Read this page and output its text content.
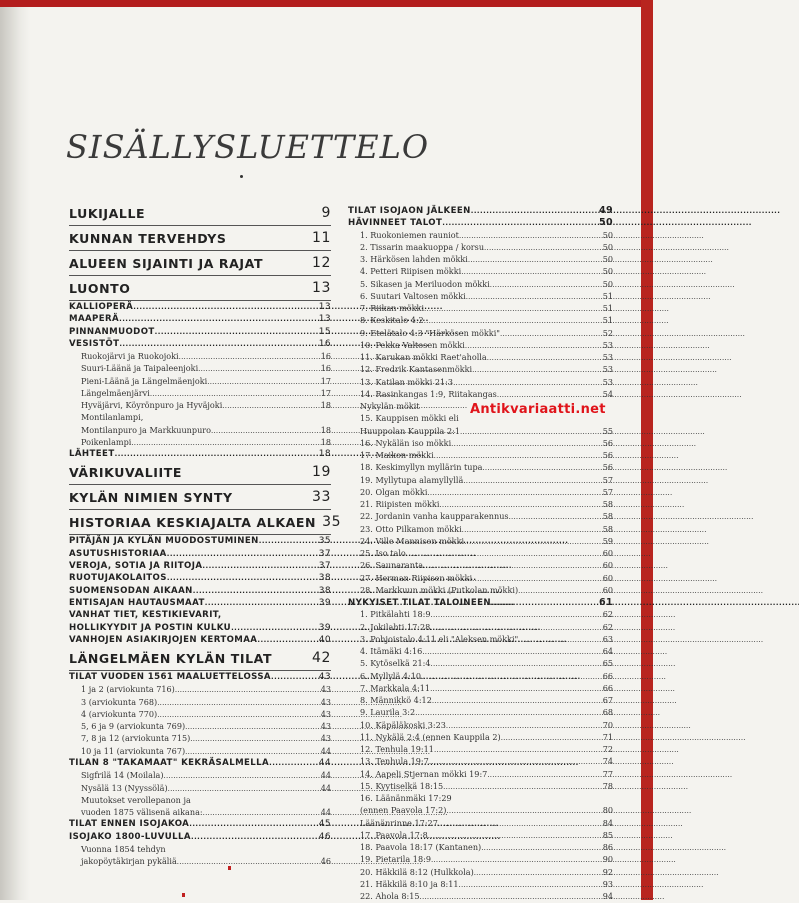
SISÄLLYSLUETTELO
LUKIJALLE	9
KUNNAN TERVEHDYS	11
ALUEEN SIJAINTI JA RAJAT	12
LUONTO	13
KALLIOPERÄ . . .	13
MAAPERÄ . . .	13
PINNANMUODOT . . .	15
VESISTÖT . . .	16
Ruokojärvi ja Ruokojoki . . .	16
Suuri-Läänä ja Taipaleenjoki . . .	16
Pieni-Läänä ja Längelmäenjoki . . .	17
Längelmäenjärvi . . .	17
Hyväjärvi, Köyrönpuro ja Hyväjoki . . .	18
Montilanlampi,
Montilanpuro ja Markkuunpuro . . .	18
Poikenlampi . . .	18
LÄHTEET . . .	18
VÄRIKUVALIITE	19
KYLÄN NIMIEN SYNTY	33
HISTORIAA KESKIAJALTA ALKAEN 35
PITÄJÄN JA KYLÄN MUODOSTUMINEN . . .	35
ASUTUSHISTORIAA . . .	37
VEROJA, SOTIA JA RIITOJA . . .	37
RUOTUJAKOLAITOS . . .	38
SUOMENSODAN AIKAAN . . .	38
ENTISAJAN HAUTAUSMAAT . . .	39
VANHAT TIET, KESTIKIEVARIT,
HOLLIKYYDIT JA POSTIN KULKU . . .	39
VANHOJEN ASIAKIRJOJEN KERTOMAA . . .	40
LÄNGELMÄEN KYLÄN TILAT	42
TILAT VUODEN 1561 MAALUETTELOSSA . . .	43
1 ja 2 (arviokunta 716) . . .	43
3 (arviokunta 768) . . .	43
4 (arviokunta 770) . . .	43
5, 6 ja 9 (arviokunta 769) . . .	43
7, 8 ja 12 (arviokunta 715) . . .	43
10 ja 11 (arviokunta 767) . . .	44
TILAN 8 "TAKAMAAT" KEKRÄSALMELLA . . .	44
Sigfrilä 14 (Moilala) . . .	44
Nysälä 13 (Nyyssölä) . . .	44
Muutokset verollepanon ja
vuoden 1875 välisenä aikana: . . .	44
TILAT ENNEN ISOJAKOA . . .	45
ISOJAKO 1800-LUVULLA . . .	46
Vuonna 1854 tehdyn
jakopöytäkirjan pykäliä . . .	46
TILAT ISOJAON JÄLKEEN . . .	49
HÄVINNEET TALOT . . .	50
1. Ruokoniemen rauniot . . .	50
2. Tissarin maakuoppa / korsu . . .	50
3. Härkösen lahden mökki . . .	50
4. Petteri Riipisen mökki . . .	50
5. Sikasen ja Meriluodon mökki . . .	50
6. Suutari Valtosen mökki . . .	51
7. Riikan mökki . . .	51
8. Keskitalo 4:2 . . .	51
9. Etelätalo 4:3 "Härkösen mökki" . . .	52
10. Pekka Valtosen mökki . . .	53
11. Karukan mökki Raet'aholla . . .	53
12. Fredrik Kantasenmökki . . .	53
13. Katilan mökki 21:3 . . .	53
14. Rasinkangas 1:9, Riitakangas . . .	54
Nykylän mökit
15. Kauppisen mökki eli
Huuppolan Kauppila 2:1 . . .	55
16. Nykälän iso mökki . . .	56
17. Maikon mökki . . .	56
18. Keskimyllyn myllärin tupa . . .	56
19. Myllytupa alamyllyllä . . .	57
20. Olgan mökki . . .	57
21. Riipisten mökki . . .	58
22. Jordanin vanha kaupparakennus . . .	58
23. Otto Pilkamon mökki . . .	58
24. Ville Mannisen mökki . . .	59
25. Iso talo . . .	60
26. Saunaranta . . .	60
27. Herman Riipisen mökki . . .	60
28. Markkuun mökki (Putkolan mökki) . . .	60
NYKYISET TILAT TALOINEEN . . .	61
1. Pitkälahti 18:9 . . .	62
2. Jokilahti 17:28 . . .	62
3. Pohjoistalo 4:11 eli "Aleksen mökki" . . .	63
4. Itämäki 4:16 . . .	64
5. Kytöselkä 21:4 . . .	65
6. Myllylä 4:10 . . .	66
7. Markkala 4:11 . . .	66
8. Männikkö 4:12 . . .	67
9. Laurila 3:2 . . .	68
10. Käpäläkoski 3:23 . . .	70
11. Nykälä 2:4 (ennen Kauppila 2) . . .	71
12. Tenhula 19:11 . . .	72
13. Tenhula 19:7 . . .	74
14. Aapeli Stjernan mökki 19:7 . . .	77
15. Kyytiselkä 18:15 . . .	78
16. Läänänmäki 17:29
(ennen Paavola 17:2) . . .	80
Läänänrinne 17:27 . . .	84
17. Paavola 17:8 . . .	85
18. Paavola 18:17 (Kantanen) . . .	86
19. Pietarila 18:9 . . .	90
20. Häkkilä 8:12 (Hulkkola) . . .	92
21. Häkkilä 8:10 ja 8:11 . . .	93
22. Ahola 8:15 . . .	94
Antikvariaatti.net
